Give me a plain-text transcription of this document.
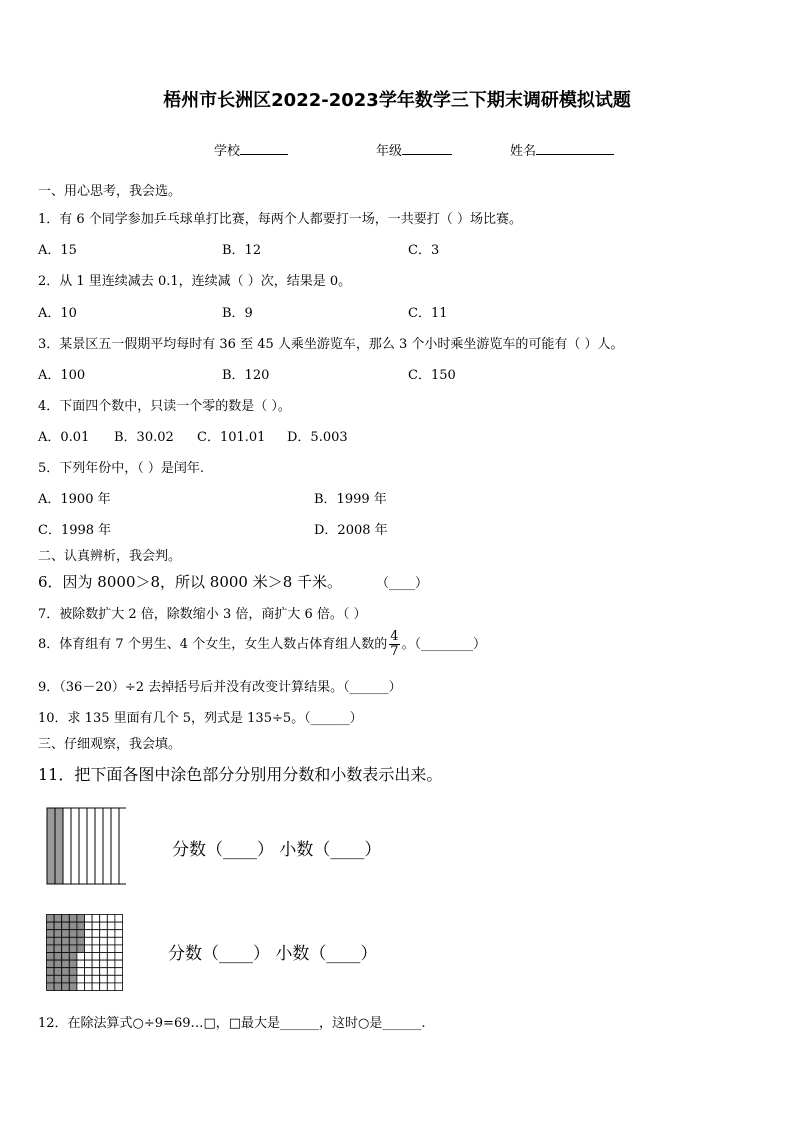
梧州市长洲区2022-2023学年数学三下期末调研模拟试题
学校	年级	姓名
一、用心思考，我会选。
1．有 6 个同学参加乒乓球单打比赛，每两个人都要打一场，一共要打（ ）场比赛。
A．15	B．12	C．3
2．从 1 里连续减去 0.1，连续减（ ）次，结果是 0。
A．10	B．9	C．11
3．某景区五一假期平均每时有 36 至 45 人乘坐游览车，那么 3 个小时乘坐游览车的可能有（ ）人。
A．100	B．120	C．150
4．下面四个数中，只读一个零的数是（ ）。
A．0.01 B．30.02 C．101.01 D．5.003
5．下列年份中，（ ）是闰年.
A．1900 年	B．1999 年
C．1998 年	D．2008 年
二、认真辨析，我会判。
6．因为 8000＞8，所以 8000 米＞8 千米。	（____）
7．被除数扩大 2 倍，除数缩小 3 倍，商扩大 6 倍。（ ）
8．体育组有 7 个男生、4 个女生，女生人数占体育组人数的 $\frac{4}{7}$ 。（________）
9．（36－20）÷2 去掉括号后并没有改变计算结果。（______）
10．求 135 里面有几个 5，列式是 135÷5。（______）
三、仔细观察，我会填。
11．把下面各图中涂色部分分别用分数和小数表示出来。
分数（____） 小数（____）
分数（____） 小数（____）
12．在除法算式○÷9=69…□，□最大是______，这时○是______.
